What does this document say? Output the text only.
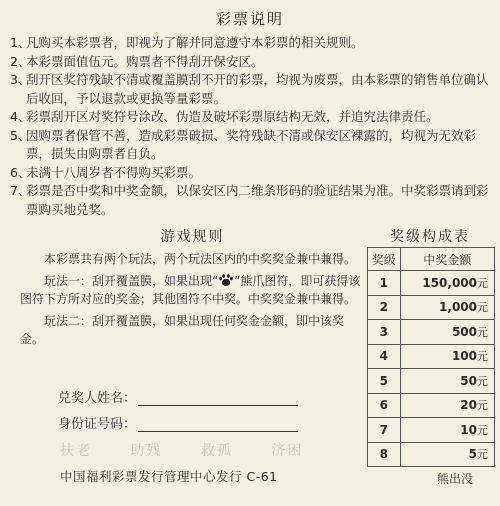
彩票说明
1、
凡购买本彩票者，即视为了解并同意遵守本彩票的相关规则。
2、
本彩票面值伍元。购票者不得刮开保安区。
3、
刮开区奖符残缺不清或覆盖膜刮不开的彩票，均视为废票，由本彩票的销售单位确认后收回，予以退款或更换等量彩票。
4、
彩票刮开区对奖符号涂改、伪造及破坏彩票原结构无效，并追究法律责任。
5、
因购票者保管不善，造成彩票破损、奖符残缺不清或保安区裸露的，均视为无效彩票，损失由购票者自负。
6、
未满十八周岁者不得购买彩票。
7、
彩票是否中奖和中奖金额，以保安区内二维条形码的验证结果为准。中奖彩票请到彩票购买地兑奖。
游戏规则

本彩票共有两个玩法，两个玩法区内的中奖奖金兼中兼得。

玩法一：刮开覆盖膜，如果出现“ ”熊爪图符，即可获得该图符下方所对应的奖金；其他图符不中奖。中奖奖金兼中兼得。

玩法二：刮开覆盖膜，如果出现任何奖金金额，即中该奖金。

兑奖人姓名：
身份证号码：
扶老	助残	救孤	济困
中国福利彩票发行管理中心发行 C-61
奖级构成表
奖级	中奖金额
1	150,000元
2	1,000元
3	500元
4	100元
5	50元
6	20元
7	10元
8	5元
熊出没
